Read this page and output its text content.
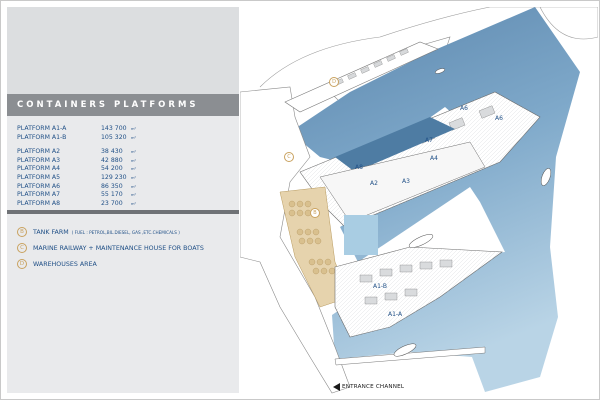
CONTAINERS PLATFORMS
PLATFORM A1-A	143 700	m²
PLATFORM A1-B	105 320	m²
PLATFORM A2	38 430	m²
PLATFORM A3	42 880	m²
PLATFORM A4	54 200	m²
PLATFORM A5	129 230	m²
PLATFORM A6	86 350	m²
PLATFORM A7	55 170	m²
PLATFORM A8	23 700	m²
B	TANK FARM ( FUEL : PETROL,BIL.DIESEL, GAS ,ETC.CHEMICALS )
C	MARINE RAILWAY + MAINTENANCE HOUSE FOR BOATS
D	WAREHOUSES AREA
A6
A6
A7
A8
A4
A3
A2
A1-B
A1-A
D
C
B
ENTRANCE CHANNEL
